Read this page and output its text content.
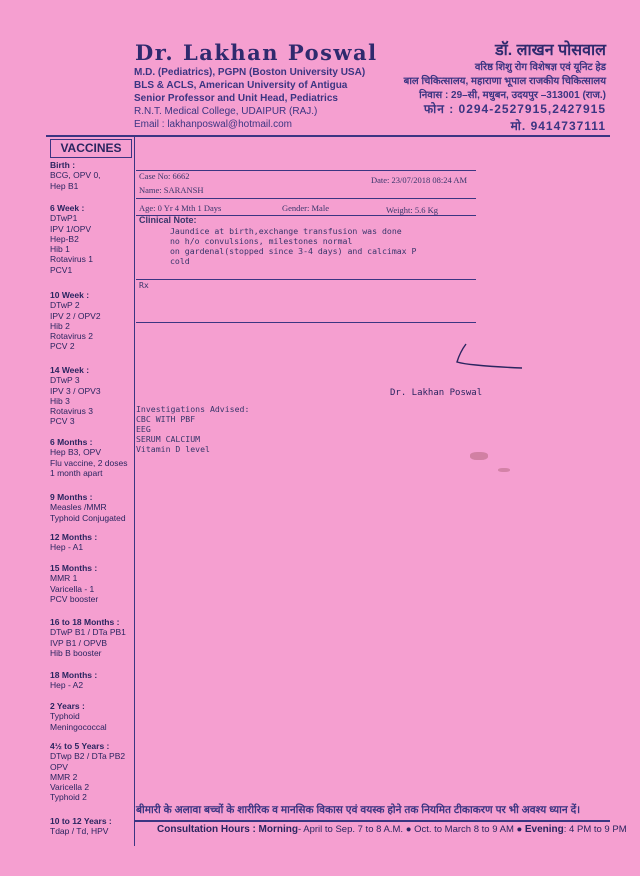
Dr. Lakhan Poswal
M.D. (Pediatrics), PGPN (Boston University USA)
BLS & ACLS, American University of Antigua
Senior Professor and Unit Head, Pediatrics
R.N.T. Medical College, UDAIPUR (RAJ.)
Email : lakhanposwal@hotmail.com
डॉ. लाखन पोसवाल
वरिष्ठ शिशु रोग विशेषज्ञ एवं यूनिट हेड
बाल चिकित्सालय, महाराणा भूपाल राजकीय चिकित्सालय
निवास : 29–सी, मधुबन, उदयपुर –313001 (राज.)
फोन : 0294-2527915,2427915
मो. 9414737111
VACCINES
Birth :
BCG, OPV 0,
Hep B1
6 Week :
DTwP1
IPV 1/OPV
Hep-B2
Hib 1
Rotavirus 1
PCV1
10 Week :
DTwP 2
IPV 2 / OPV2
Hib 2
Rotavirus 2
PCV 2
14 Week :
DTwP 3
IPV 3 / OPV3
Hib 3
Rotavirus 3
PCV 3
6 Months :
Hep B3, OPV
Flu vaccine, 2 doses
1 month apart
9 Months :
Measles /MMR
Typhoid Conjugated
12 Months :
Hep - A1
15 Months :
MMR 1
Varicella - 1
PCV booster
16 to 18 Months :
DTwP B1 / DTa PB1
IVP B1 / OPVB
Hib B booster
18 Months :
Hep - A2
2 Years :
Typhoid
Meningococcal
4½ to 5 Years :
DTwp B2 / DTa PB2
OPV
MMR 2
Varicella 2
Typhoid 2
10 to 12 Years :
Tdap / Td, HPV
Case No: 6662	Date: 23/07/2018 08:24 AM
Name: SARANSH
Age: 0 Yr 4 Mth 1 Days	Gender: Male	Weight: 5.6 Kg
Clinical Note:
Jaundice at birth,exchange transfusion was done
no h/o convulsions, milestones normal
on gardenal(stopped since 3-4 days) and calcimax P
cold
Rx
Dr. Lakhan Poswal
Investigations Advised:
CBC WITH PBF
EEG
SERUM CALCIUM
Vitamin D level
बीमारी के अलावा बच्चों के शारीरिक व मानसिक विकास एवं वयस्क होने तक नियमित टीकाकरण पर भी अवश्य ध्यान दें।
Consultation Hours : Morning- April to Sep. 7 to 8 A.M. ● Oct. to March 8 to 9 AM ● Evening: 4 PM to 9 PM
